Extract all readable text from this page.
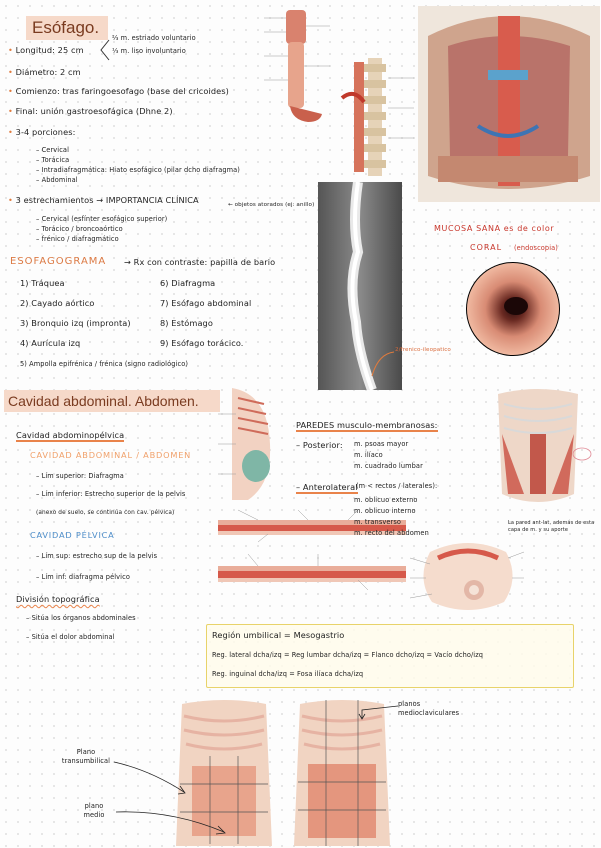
Esófago.
• Longitud: 25 cm
⅔ m. estriado voluntario
⅓ m. liso involuntario
• Diámetro: 2 cm
• Comienzo: tras faringoesofago (base del cricoides)
• Final: unión gastroesofágica (Dhne 2)
• 3-4 porciones:
– Cervical
– Torácica
– Intradiafragmática: Hiato esofágico (pilar dcho diafragma)
– Abdominal
• 3 estrechamientos → IMPORTANCIA CLÍNICA	← objetos atorados (ej: anillo)
– Cervical (esfínter esofágico superior)
– Torácico / broncoaórtico
– frénico / diafragmático
ESOFAGOGRAMA → Rx con contraste: papilla de bario
1) Tráquea
2) Cayado aórtico
3) Bronquio izq (impronta)
4) Aurícula izq
5) Ampolla epifrénica / frénica (signo radiológico)
6) Diafragma
7) Esófago abdominal
8) Estómago
9) Esófago torácico.
2/frenico-ileopatico
MUCOSA SANA es de color
CORAL (endoscopia)
Cavidad abdominal. Abdomen.
Cavidad abdominopélvica
CAVIDAD ABDOMINAL / ABDOMEN
– Lím superior: Diafragma
– Lím inferior: Estrecho superior de la pelvis
(anexo de suelo, se continúa con cav. pélvica)
CAVIDAD PÉLVICA
– Lím sup: estrecho sup de la pelvis
– Lím inf: diafragma pélvico
División topográfica
– Sitúa los órganos abdominales
– Sitúa el dolor abdominal
PAREDES musculo-membranosas:
– Posterior: m. psoas mayor
m. ilíaco
m. cuadrado lumbar
– Anterolateral
(m < rectos / laterales):
m. oblicuo externo
m. oblicuo interno
m. transverso
m. recto del abdomen
La pared ant-lat, además de esta capa de m. y su aporte
Región umbilical = Mesogastrio
Reg. lateral dcha/izq = Reg lumbar dcha/izq = Flanco dcho/izq = Vacío dcho/izq
Reg. inguinal dcha/izq = Fosa ilíaca dcha/izq
planos medioclaviculares
Plano transumbilical
plano medio
